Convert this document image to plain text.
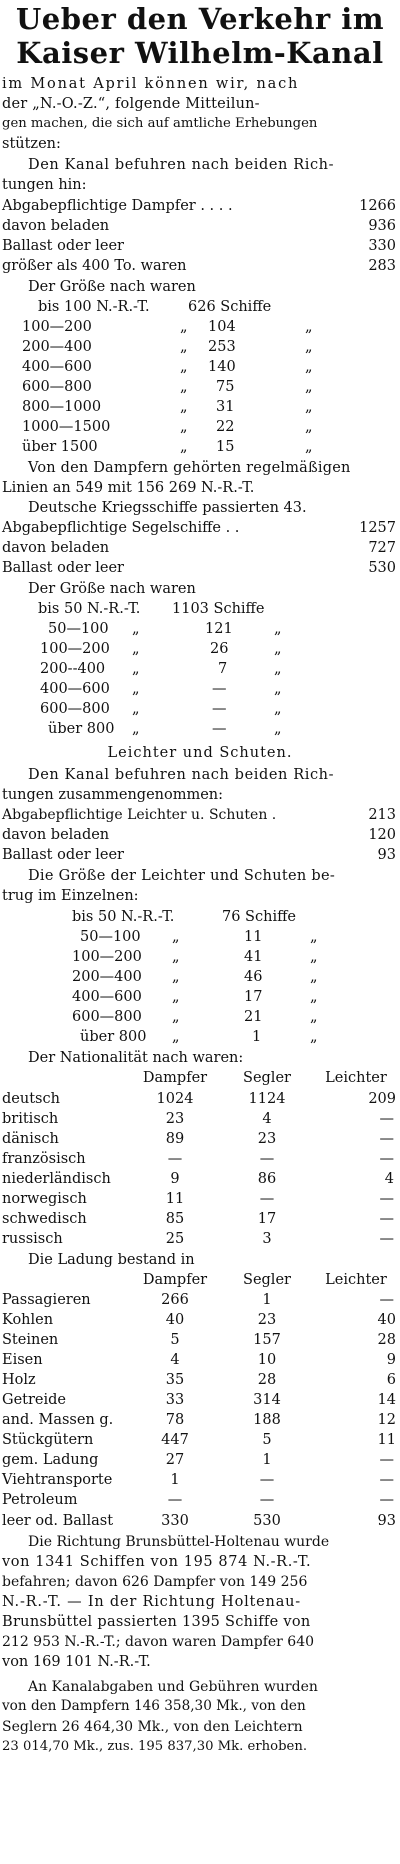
Ueber den Verkehr im
Kaiser Wilhelm-Kanal
im Monat April können wir, nach
der „N.-O.-Z.“, folgende Mitteilun-
gen machen, die sich auf amtliche Erhebungen
stützen:
Den Kanal befuhren nach beiden Rich-
tungen hin:
Abgabepflichtige Dampfer . . . .	1266
davon beladen	936
Ballast oder leer	330
größer als 400 To. waren	283
Der Größe nach waren
bis 100 N.-R.-T.	626 Schiffe
100—200	„ 104	„
200—400	„ 253	„
400—600	„ 140	„
600—800	„ 75	„
800—1000	„ 31	„
1000—1500	„ 22	„
über 1500	„ 15	„
Von den Dampfern gehörten regelmäßigen
Linien an 549 mit 156 269 N.-R.-T.
Deutsche Kriegsschiffe passierten 43.
Abgabepflichtige Segelschiffe . .	1257
davon beladen	727
Ballast oder leer	530
Der Größe nach waren
bis 50 N.-R.-T. 1103 Schiffe
50—100 „	121	„
100—200 „	26	„
200--400 „	7	„
400—600 „	—	„
600—800 „	—	„
über 800 „	—	„
Leichter und Schuten.
Den Kanal befuhren nach beiden Rich-
tungen zusammengenommen:
Abgabepflichtige Leichter u. Schuten .	213
davon beladen	120
Ballast oder leer	93
Die Größe der Leichter und Schuten be-
trug im Einzelnen:
bis 50 N.-R.-T.	76 Schiffe
50—100 „	11	„
100—200 „	41	„
200—400 „	46	„
400—600 „	17	„
600—800 „	21	„
über 800 „	1	„
Der Nationalität nach waren:
Dampfer	Segler	Leichter
deutsch	1024	1124	209
britisch	23	4	—
dänisch	89	23	—
französisch	—	—	—
niederländisch	9	86	4
norwegisch	11	—	—
schwedisch	85	17	—
russisch	25	3	—
Die Ladung bestand in
Dampfer	Segler	Leichter
Passagieren	266	1	—
Kohlen	40	23	40
Steinen	5	157	28
Eisen	4	10	9
Holz	35	28	6
Getreide	33	314	14
and. Massen g.	78	188	12
Stückgütern	447	5	11
gem. Ladung	27	1	—
Viehtransporte	1	—	—
Petroleum	—	—	—
leer od. Ballast	330	530	93
Die Richtung Brunsbüttel-Holtenau wurde
von 1341 Schiffen von 195 874 N.-R.-T.
befahren; davon 626 Dampfer von 149 256
N.-R.-T. — In der Richtung Holtenau-
Brunsbüttel passierten 1395 Schiffe von
212 953 N.-R.-T.; davon waren Dampfer 640
von 169 101 N.-R.-T.
An Kanalabgaben und Gebühren wurden
von den Dampfern 146 358,30 Mk., von den
Seglern 26 464,30 Mk., von den Leichtern
23 014,70 Mk., zus. 195 837,30 Mk. erhoben.
